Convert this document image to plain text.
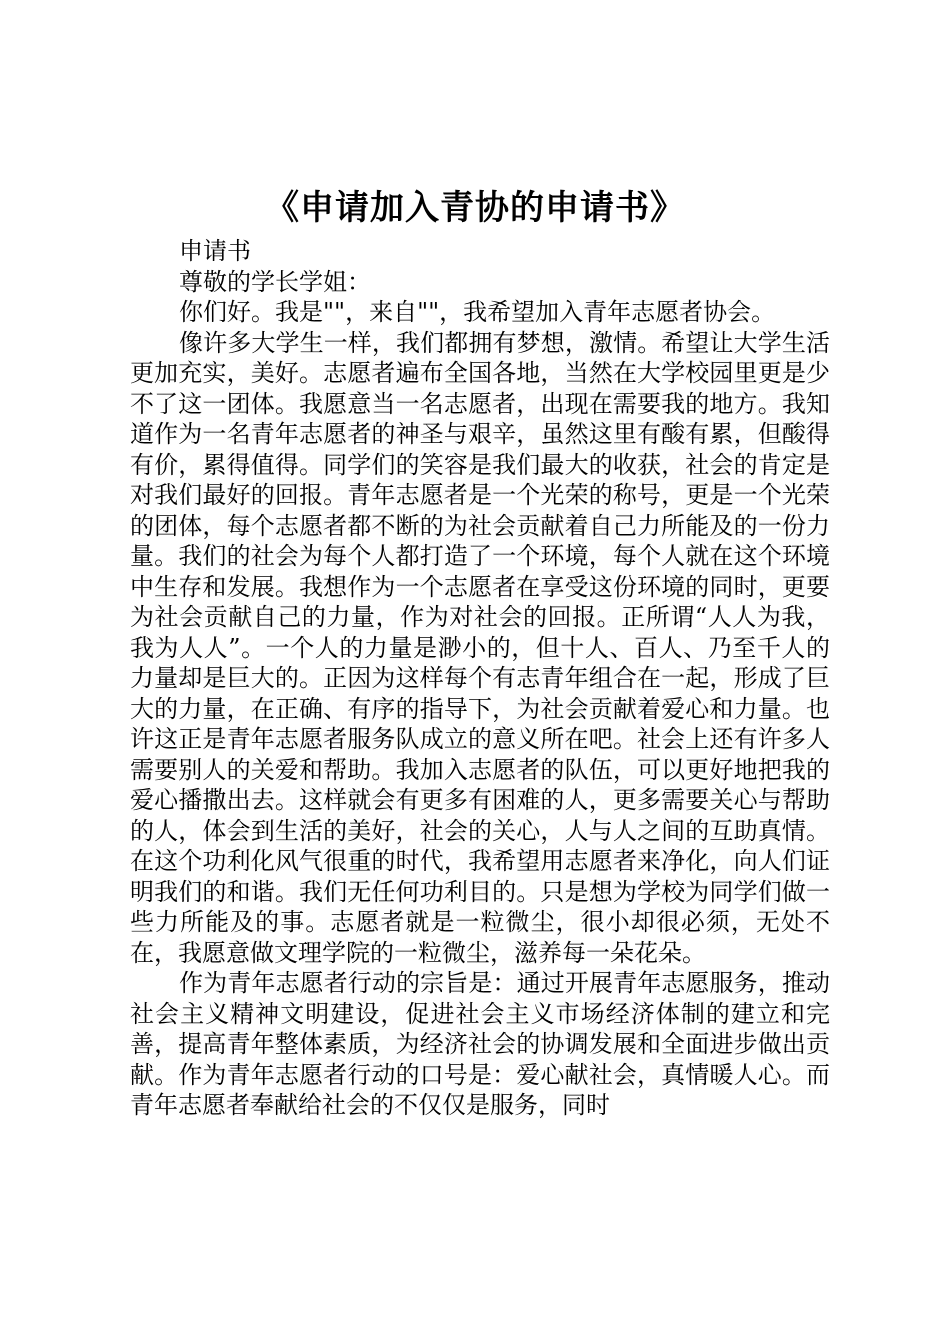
《申请加入青协的申请书》

申请书

尊敬的学长学姐：

你们好。我是""，来自""，我希望加入青年志愿者协会。

像许多大学生一样，我们都拥有梦想，激情。希望让大学生活更加充实，美好。志愿者遍布全国各地，当然在大学校园里更是少不了这一团体。我愿意当一名志愿者，出现在需要我的地方。我知道作为一名青年志愿者的神圣与艰辛，虽然这里有酸有累，但酸得有价，累得值得。同学们的笑容是我们最大的收获，社会的肯定是对我们最好的回报。青年志愿者是一个光荣的称号，更是一个光荣的团体，每个志愿者都不断的为社会贡献着自己力所能及的一份力量。我们的社会为每个人都打造了一个环境，每个人就在这个环境中生存和发展。我想作为一个志愿者在享受这份环境的同时，更要为社会贡献自己的力量，作为对社会的回报。正所谓“人人为我，我为人人”。一个人的力量是渺小的，但十人、百人、乃至千人的力量却是巨大的。正因为这样每个有志青年组合在一起，形成了巨大的力量，在正确、有序的指导下，为社会贡献着爱心和力量。也许这正是青年志愿者服务队成立的意义所在吧。社会上还有许多人需要别人的关爱和帮助。我加入志愿者的队伍，可以更好地把我的爱心播撒出去。这样就会有更多有困难的人，更多需要关心与帮助的人，体会到生活的美好，社会的关心，人与人之间的互助真情。在这个功利化风气很重的时代，我希望用志愿者来净化，向人们证明我们的和谐。我们无任何功利目的。只是想为学校为同学们做一些力所能及的事。志愿者就是一粒微尘，很小却很必须，无处不在，我愿意做文理学院的一粒微尘，滋养每一朵花朵。

作为青年志愿者行动的宗旨是：通过开展青年志愿服务，推动社会主义精神文明建设，促进社会主义市场经济体制的建立和完善，提高青年整体素质，为经济社会的协调发展和全面进步做出贡献。作为青年志愿者行动的口号是：爱心献社会，真情暖人心。而青年志愿者奉献给社会的不仅仅是服务，同时
